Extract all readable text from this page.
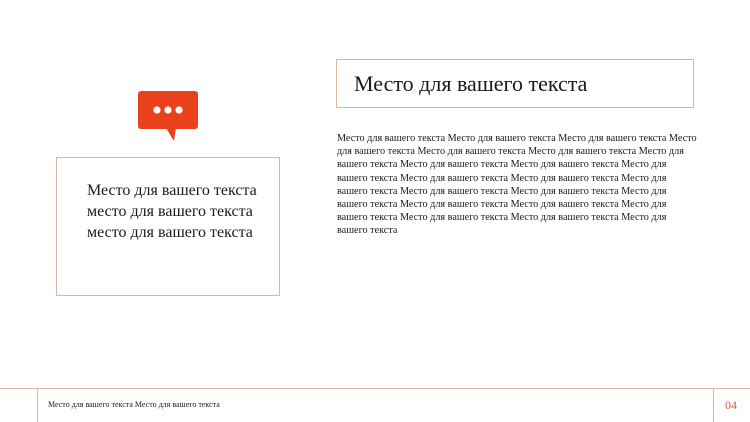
Место для вашего текста место для вашего текста место для вашего текста
Место для вашего текста
Место для вашего текста Место для вашего текста Место для вашего текста Место для вашего текста Место для вашего текста Место для вашего текста Место для вашего текста Место для вашего текста Место для вашего текста Место для вашего текста Место для вашего текста Место для вашего текста Место для вашего текста Место для вашего текста Место для вашего текста Место для вашего текста Место для вашего текста Место для вашего текста Место для вашего текста Место для вашего текста Место для вашего текста Место для вашего текста
Место для вашего текста Место для вашего текста	04
